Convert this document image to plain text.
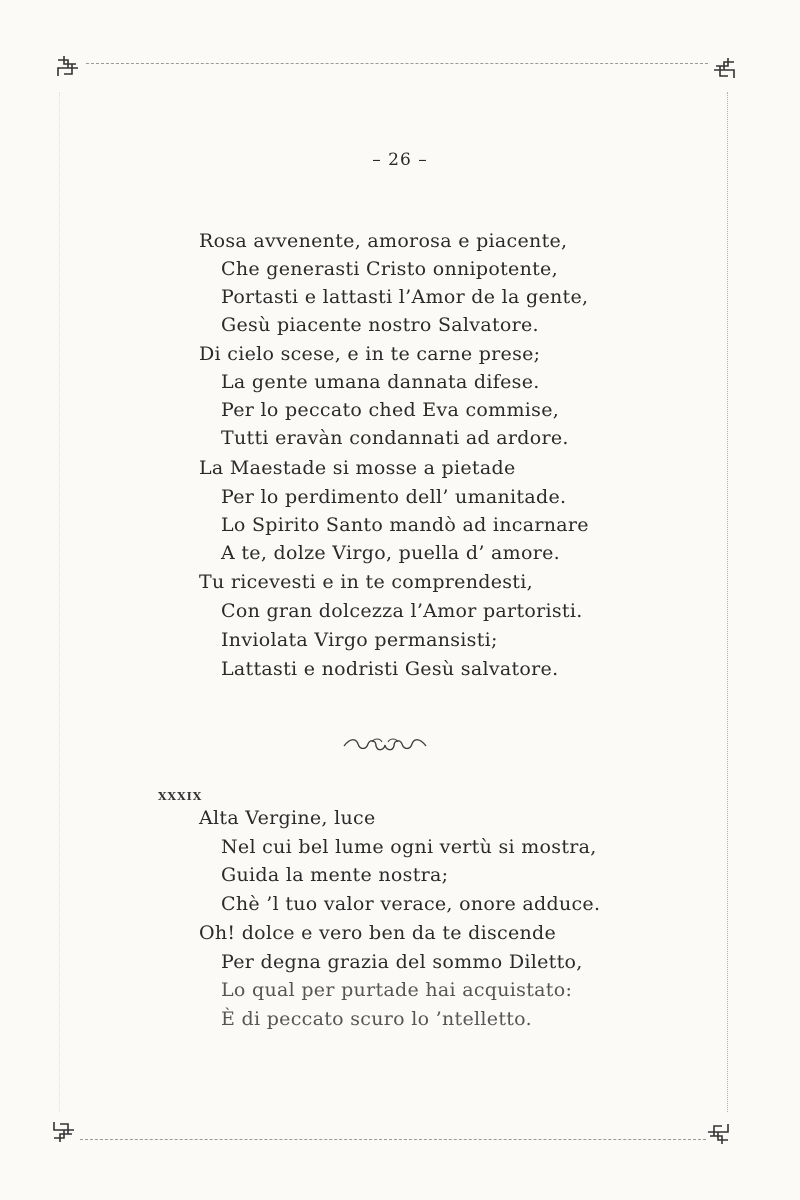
– 26 –
Rosa avvenente, amorosa e piacente,
Che generasti Cristo onnipotente,
Portasti e lattasti l’Amor de la gente,
Gesù piacente nostro Salvatore.
Di cielo scese, e in te carne prese;
La gente umana dannata difese.
Per lo peccato ched Eva commise,
Tutti eravàn condannati ad ardore.
La Maestade si mosse a pietade
Per lo perdimento dell’ umanitade.
Lo Spirito Santo mandò ad incarnare
A te, dolze Virgo, puella d’ amore.
Tu ricevesti e in te comprendesti,
Con gran dolcezza l’Amor partoristi.
Inviolata Virgo permansisti;
Lattasti e nodristi Gesù salvatore.
XXXIX
Alta Vergine, luce
Nel cui bel lume ogni vertù si mostra,
Guida la mente nostra;
Chè ’l tuo valor verace, onore adduce.
Oh! dolce e vero ben da te discende
Per degna grazia del sommo Diletto,
Lo qual per purtade hai acquistato:
È di peccato scuro lo ’ntelletto.
